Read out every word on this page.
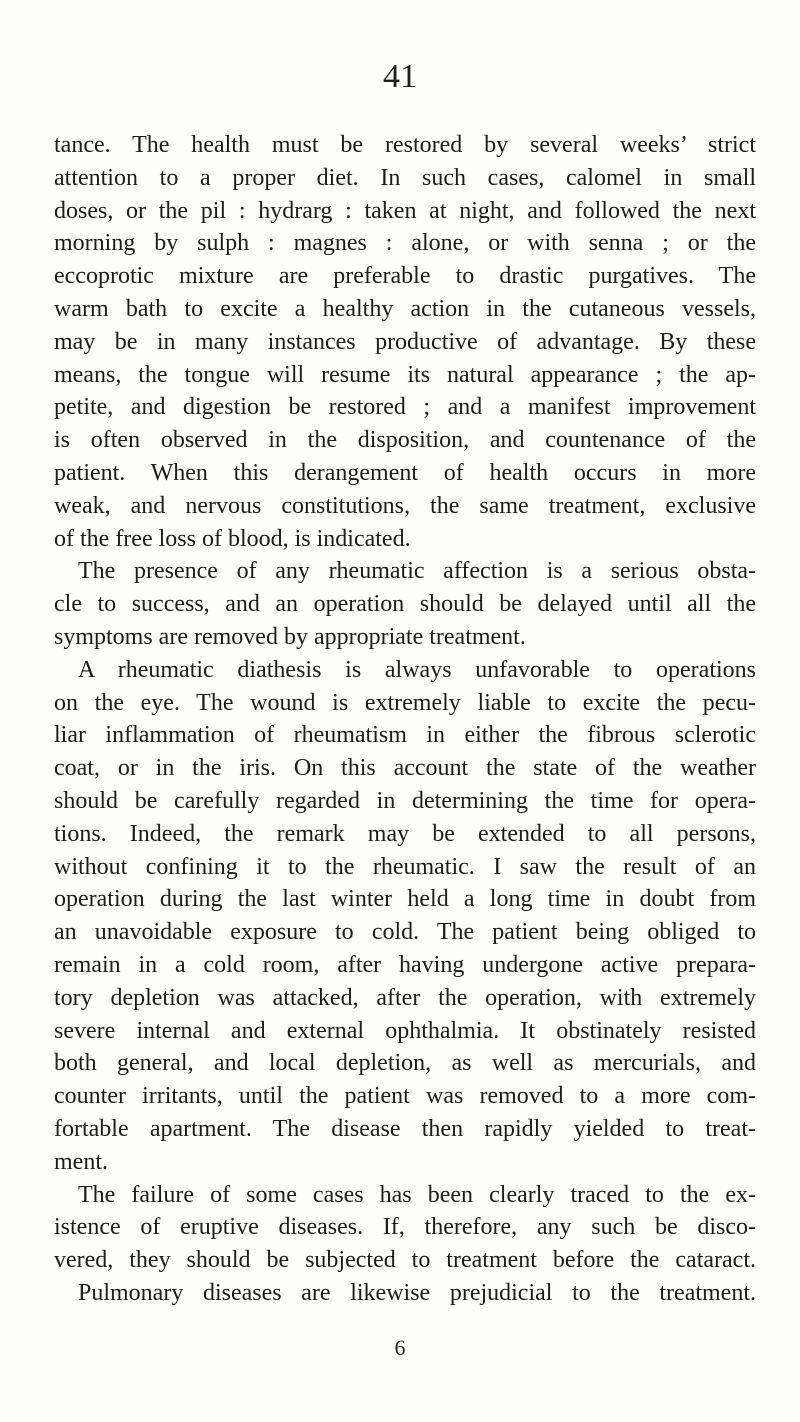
41
tance. The health must be restored by several weeks’ strict
attention to a proper diet. In such cases, calomel in small
doses, or the pil : hydrarg : taken at night, and followed the next
morning by sulph : magnes : alone, or with senna ; or the
eccoprotic mixture are preferable to drastic purgatives. The
warm bath to excite a healthy action in the cutaneous vessels,
may be in many instances productive of advantage. By these
means, the tongue will resume its natural appearance ; the ap-
petite, and digestion be restored ; and a manifest improvement
is often observed in the disposition, and countenance of the
patient. When this derangement of health occurs in more
weak, and nervous constitutions, the same treatment, exclusive
of the free loss of blood, is indicated.
The presence of any rheumatic affection is a serious obsta-
cle to success, and an operation should be delayed until all the
symptoms are removed by appropriate treatment.
A rheumatic diathesis is always unfavorable to operations
on the eye. The wound is extremely liable to excite the pecu-
liar inflammation of rheumatism in either the fibrous sclerotic
coat, or in the iris. On this account the state of the weather
should be carefully regarded in determining the time for opera-
tions. Indeed, the remark may be extended to all persons,
without confining it to the rheumatic. I saw the result of an
operation during the last winter held a long time in doubt from
an unavoidable exposure to cold. The patient being obliged to
remain in a cold room, after having undergone active prepara-
tory depletion was attacked, after the operation, with extremely
severe internal and external ophthalmia. It obstinately resisted
both general, and local depletion, as well as mercurials, and
counter irritants, until the patient was removed to a more com-
fortable apartment. The disease then rapidly yielded to treat-
ment.
The failure of some cases has been clearly traced to the ex-
istence of eruptive diseases. If, therefore, any such be disco-
vered, they should be subjected to treatment before the cataract.
Pulmonary diseases are likewise prejudicial to the treatment.
6
